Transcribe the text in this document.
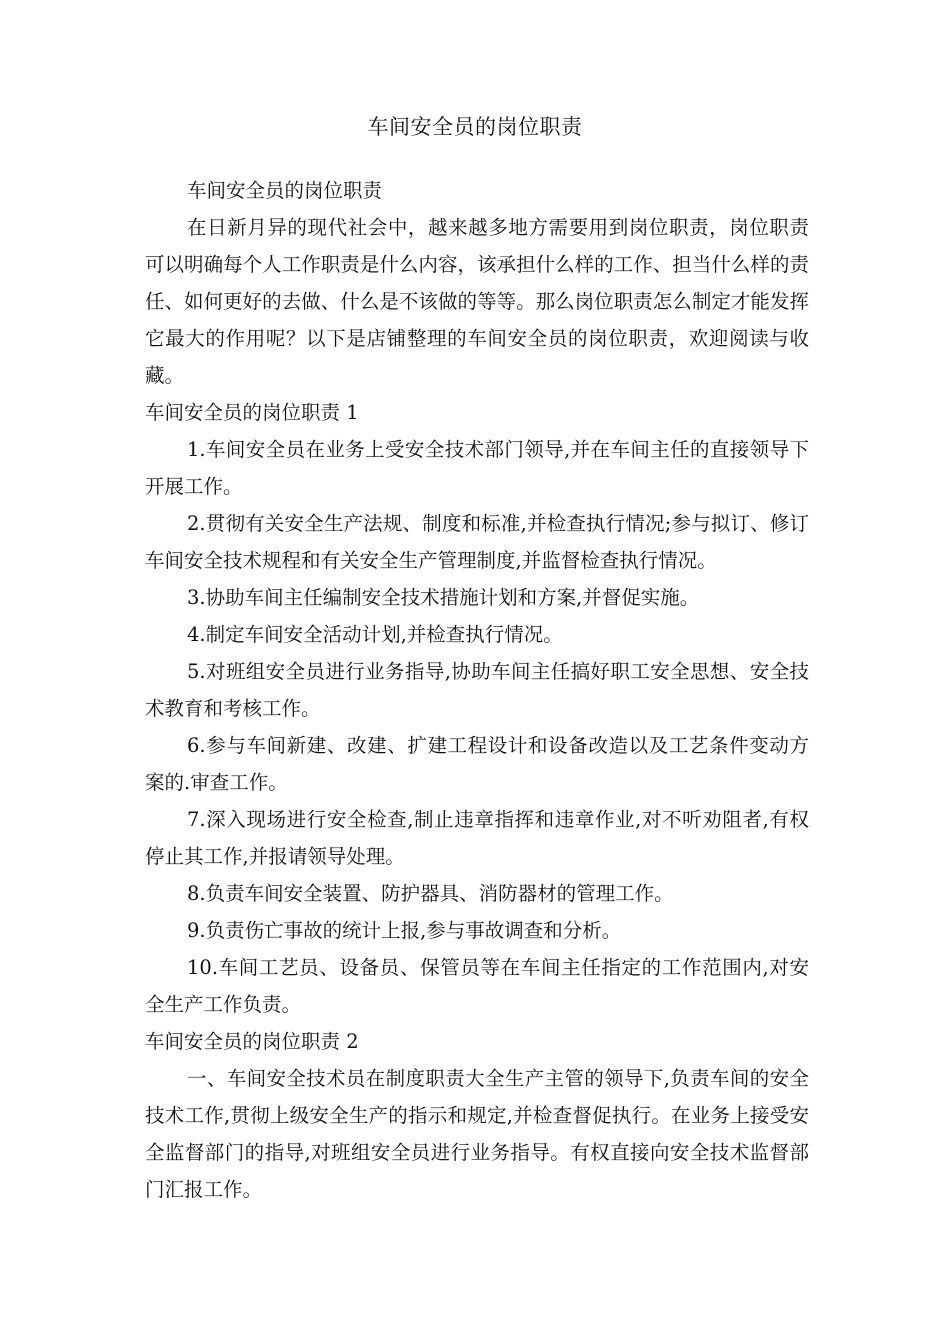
车间安全员的岗位职责

车间安全员的岗位职责

在日新月异的现代社会中，越来越多地方需要用到岗位职责，岗位职责可以明确每个人工作职责是什么内容，该承担什么样的工作、担当什么样的责任、如何更好的去做、什么是不该做的等等。那么岗位职责怎么制定才能发挥它最大的作用呢？以下是店铺整理的车间安全员的岗位职责，欢迎阅读与收藏。

车间安全员的岗位职责 1

1.车间安全员在业务上受安全技术部门领导,并在车间主任的直接领导下开展工作。

2.贯彻有关安全生产法规、制度和标准,并检查执行情况;参与拟订、修订车间安全技术规程和有关安全生产管理制度,并监督检查执行情况。

3.协助车间主任编制安全技术措施计划和方案,并督促实施。

4.制定车间安全活动计划,并检查执行情况。

5.对班组安全员进行业务指导,协助车间主任搞好职工安全思想、安全技术教育和考核工作。

6.参与车间新建、改建、扩建工程设计和设备改造以及工艺条件变动方案的.审查工作。

7.深入现场进行安全检查,制止违章指挥和违章作业,对不听劝阻者,有权停止其工作,并报请领导处理。

8.负责车间安全装置、防护器具、消防器材的管理工作。

9.负责伤亡事故的统计上报,参与事故调查和分析。

10.车间工艺员、设备员、保管员等在车间主任指定的工作范围内,对安全生产工作负责。

车间安全员的岗位职责 2

一、车间安全技术员在制度职责大全生产主管的领导下,负责车间的安全技术工作,贯彻上级安全生产的指示和规定,并检查督促执行。在业务上接受安全监督部门的指导,对班组安全员进行业务指导。有权直接向安全技术监督部门汇报工作。
